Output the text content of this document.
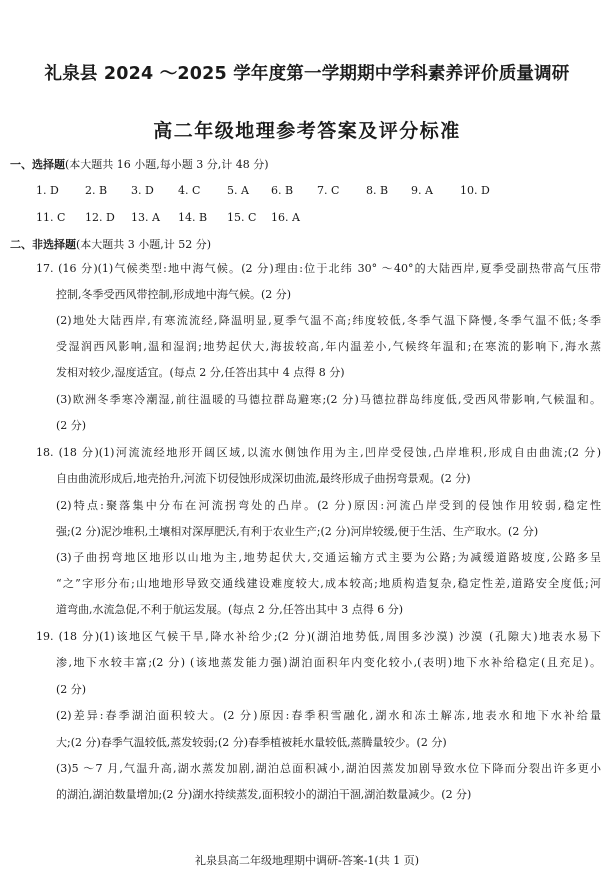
礼泉县 2024 ～2025 学年度第一学期期中学科素养评价质量调研
高二年级地理参考答案及评分标准
一、选择题(本大题共 16 小题,每小题 3 分,计 48 分)
1. D 2. B 3. D 4. C 5. A 6. B 7. C 8. B 9. A 10. D
11. C 12. D 13. A 14. B 15. C 16. A
二、非选择题(本大题共 3 小题,计 52 分)
17. (16 分)(1)气候类型:地中海气候。(2 分)理由:位于北纬 30° ～40°的大陆西岸,夏季受副热带高气压带
控制,冬季受西风带控制,形成地中海气候。(2 分)
(2)地处大陆西岸,有寒流流经,降温明显,夏季气温不高;纬度较低,冬季气温下降慢,冬季气温不低;冬季
受湿润西风影响,温和湿润;地势起伏大,海拔较高,年内温差小,气候终年温和;在寒流的影响下,海水蒸
发相对较少,湿度适宜。(每点 2 分,任答出其中 4 点得 8 分)
(3)欧洲冬季寒冷潮湿,前往温暖的马德拉群岛避寒;(2 分)马德拉群岛纬度低,受西风带影响,气候温和。
(2 分)
18. (18 分)(1)河流流经地形开阔区域,以流水侧蚀作用为主,凹岸受侵蚀,凸岸堆积,形成自由曲流;(2 分)
自由曲流形成后,地壳抬升,河流下切侵蚀形成深切曲流,最终形成子曲拐弯景观。(2 分)
(2)特点:聚落集中分布在河流拐弯处的凸岸。(2 分)原因:河流凸岸受到的侵蚀作用较弱,稳定性
强;(2 分)泥沙堆积,土壤相对深厚肥沃,有利于农业生产;(2 分)河岸较缓,便于生活、生产取水。(2 分)
(3)子曲拐弯地区地形以山地为主,地势起伏大,交通运输方式主要为公路;为减缓道路坡度,公路多呈
“之”字形分布;山地地形导致交通线建设难度较大,成本较高;地质构造复杂,稳定性差,道路安全度低;河
道弯曲,水流急促,不利于航运发展。(每点 2 分,任答出其中 3 点得 6 分)
19. (18 分)(1)该地区气候干旱,降水补给少;(2 分)(湖泊地势低,周围多沙漠) 沙漠 (孔隙大)地表水易下
渗,地下水较丰富;(2 分) (该地蒸发能力强)湖泊面积年内变化较小,(表明)地下水补给稳定(且充足)。
(2 分)
(2)差异:春季湖泊面积较大。(2 分)原因:春季积雪融化,湖水和冻土解冻,地表水和地下水补给量
大;(2 分)春季气温较低,蒸发较弱;(2 分)春季植被耗水量较低,蒸腾量较少。(2 分)
(3)5 ～7 月,气温升高,湖水蒸发加剧,湖泊总面积减小,湖泊因蒸发加剧导致水位下降而分裂出许多更小
的湖泊,湖泊数量增加;(2 分)湖水持续蒸发,面积较小的湖泊干涸,湖泊数量减少。(2 分)
礼泉县高二年级地理期中调研-答案-1(共 1 页)
